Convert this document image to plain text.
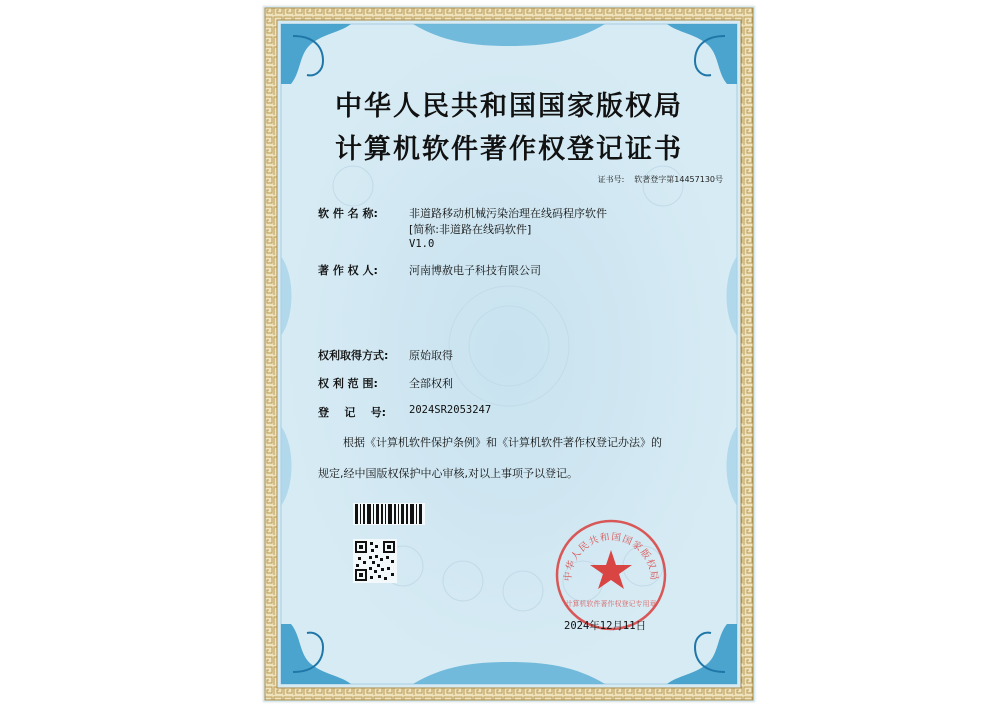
中华人民共和国国家版权局
计算机软件著作权登记证书
证书号: 软著登字第14457130号
软 件 名 称:	非道路移动机械污染治理在线码程序软件
[简称:非道路在线码软件]
V1.0
著 作 权 人:	河南博赦电子科技有限公司
权利取得方式: 原始取得
权 利 范 围:	全部权利
登    记    号: 2024SR2053247
根据《计算机软件保护条例》和《计算机软件著作权登记办法》的
规定,经中国版权保护中心审核,对以上事项予以登记。
中华人民共和国国家版权局
计算机软件著作权登记专用章
2024年12月11日
